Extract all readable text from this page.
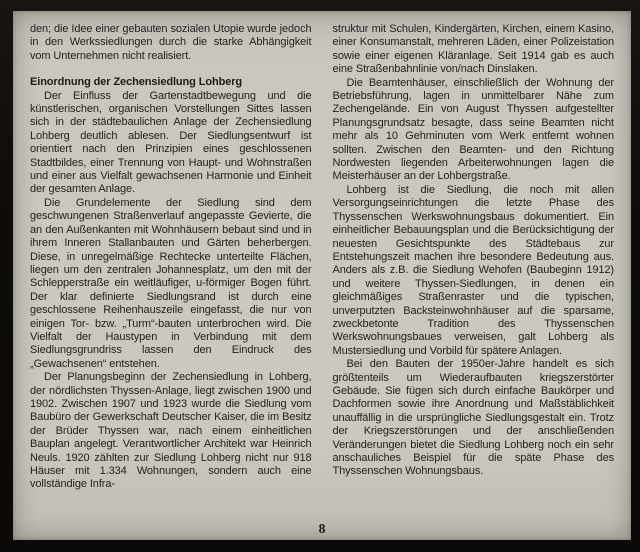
den; die Idee einer gebauten sozialen Utopie wurde jedoch in den Werkssiedlungen durch die starke Abhängigkeit vom Unternehmen nicht realisiert.

Einordnung der Zechensiedlung Lohberg

Der Einfluss der Gartenstadtbewegung und die künstlerischen, organischen Vorstellungen Sittes lassen sich in der städtebaulichen Anlage der Zechensiedlung Lohberg deutlich ablesen. Der Siedlungsentwurf ist orientiert nach den Prinzipien eines geschlossenen Stadtbildes, einer Trennung von Haupt- und Wohnstraßen und einer aus Vielfalt gewachsenen Harmonie und Einheit der gesamten Anlage.

Die Grundelemente der Siedlung sind dem geschwungenen Straßenverlauf angepasste Gevierte, die an den Außenkanten mit Wohnhäusern bebaut sind und in ihrem Inneren Stallanbauten und Gärten beherbergen. Diese, in unregelmäßige Rechtecke unterteilte Flächen, liegen um den zentralen Johannesplatz, um den mit der Schlepperstraße ein weitläufiger, u-förmiger Bogen führt. Der klar definierte Siedlungsrand ist durch eine geschlossene Reihenhauszeile eingefasst, die nur von einigen Tor- bzw. „Turm“-bauten unterbrochen wird. Die Vielfalt der Haustypen in Verbindung mit dem Siedlungsgrundriss lassen den Eindruck des „Gewachsenen“ entstehen.

Der Planungsbeginn der Zechensiedlung in Lohberg, der nördlichsten Thyssen-Anlage, liegt zwischen 1900 und 1902. Zwischen 1907 und 1923 wurde die Siedlung vom Baubüro der Gewerkschaft Deutscher Kaiser, die im Besitz der Brüder Thyssen war, nach einem einheitlichen Bauplan angelegt. Verantwortlicher Architekt war Heinrich Neuls. 1920 zählten zur Siedlung Lohberg nicht nur 918 Häuser mit 1.334 Wohnungen, sondern auch eine vollständige Infra-

struktur mit Schulen, Kindergärten, Kirchen, einem Kasino, einer Konsumanstalt, mehreren Läden, einer Polizeistation sowie einer eigenen Kläranlage. Seit 1914 gab es auch eine Straßenbahnlinie von/nach Dinslaken.

Die Beamtenhäuser, einschließlich der Wohnung der Betriebsführung, lagen in unmittelbarer Nähe zum Zechengelände. Ein von August Thyssen aufgestellter Planungsgrundsatz besagte, dass seine Beamten nicht mehr als 10 Gehminuten vom Werk entfernt wohnen sollten. Zwischen den Beamten- und den Richtung Nordwesten liegenden Arbeiterwohnungen lagen die Meisterhäuser an der Lohbergstraße.

Lohberg ist die Siedlung, die noch mit allen Versorgungseinrichtungen die letzte Phase des Thyssenschen Werkswohnungsbaus dokumentiert. Ein einheitlicher Bebauungsplan und die Berücksichtigung der neuesten Gesichtspunkte des Städtebaus zur Entstehungszeit machen ihre besondere Bedeutung aus. Anders als z.B. die Siedlung Wehofen (Baubeginn 1912) und weitere Thyssen-Siedlungen, in denen ein gleichmäßiges Straßenraster und die typischen, unverputzten Backsteinwohnhäuser auf die sparsame, zweckbetonte Tradition des Thyssenschen Werkswohnungsbaues verweisen, galt Lohberg als Mustersiedlung und Vorbild für spätere Anlagen.

Bei den Bauten der 1950er-Jahre handelt es sich größtenteils um Wiederaufbauten kriegszerstörter Gebäude. Sie fügen sich durch einfache Baukörper und Dachformen sowie ihre Anordnung und Maßstäblichkeit unauffällig in die ursprüngliche Siedlungsgestalt ein. Trotz der Kriegszerstörungen und der anschließenden Veränderungen bietet die Siedlung Lohberg noch ein sehr anschauliches Beispiel für die späte Phase des Thyssenschen Wohnungsbaus.

8
